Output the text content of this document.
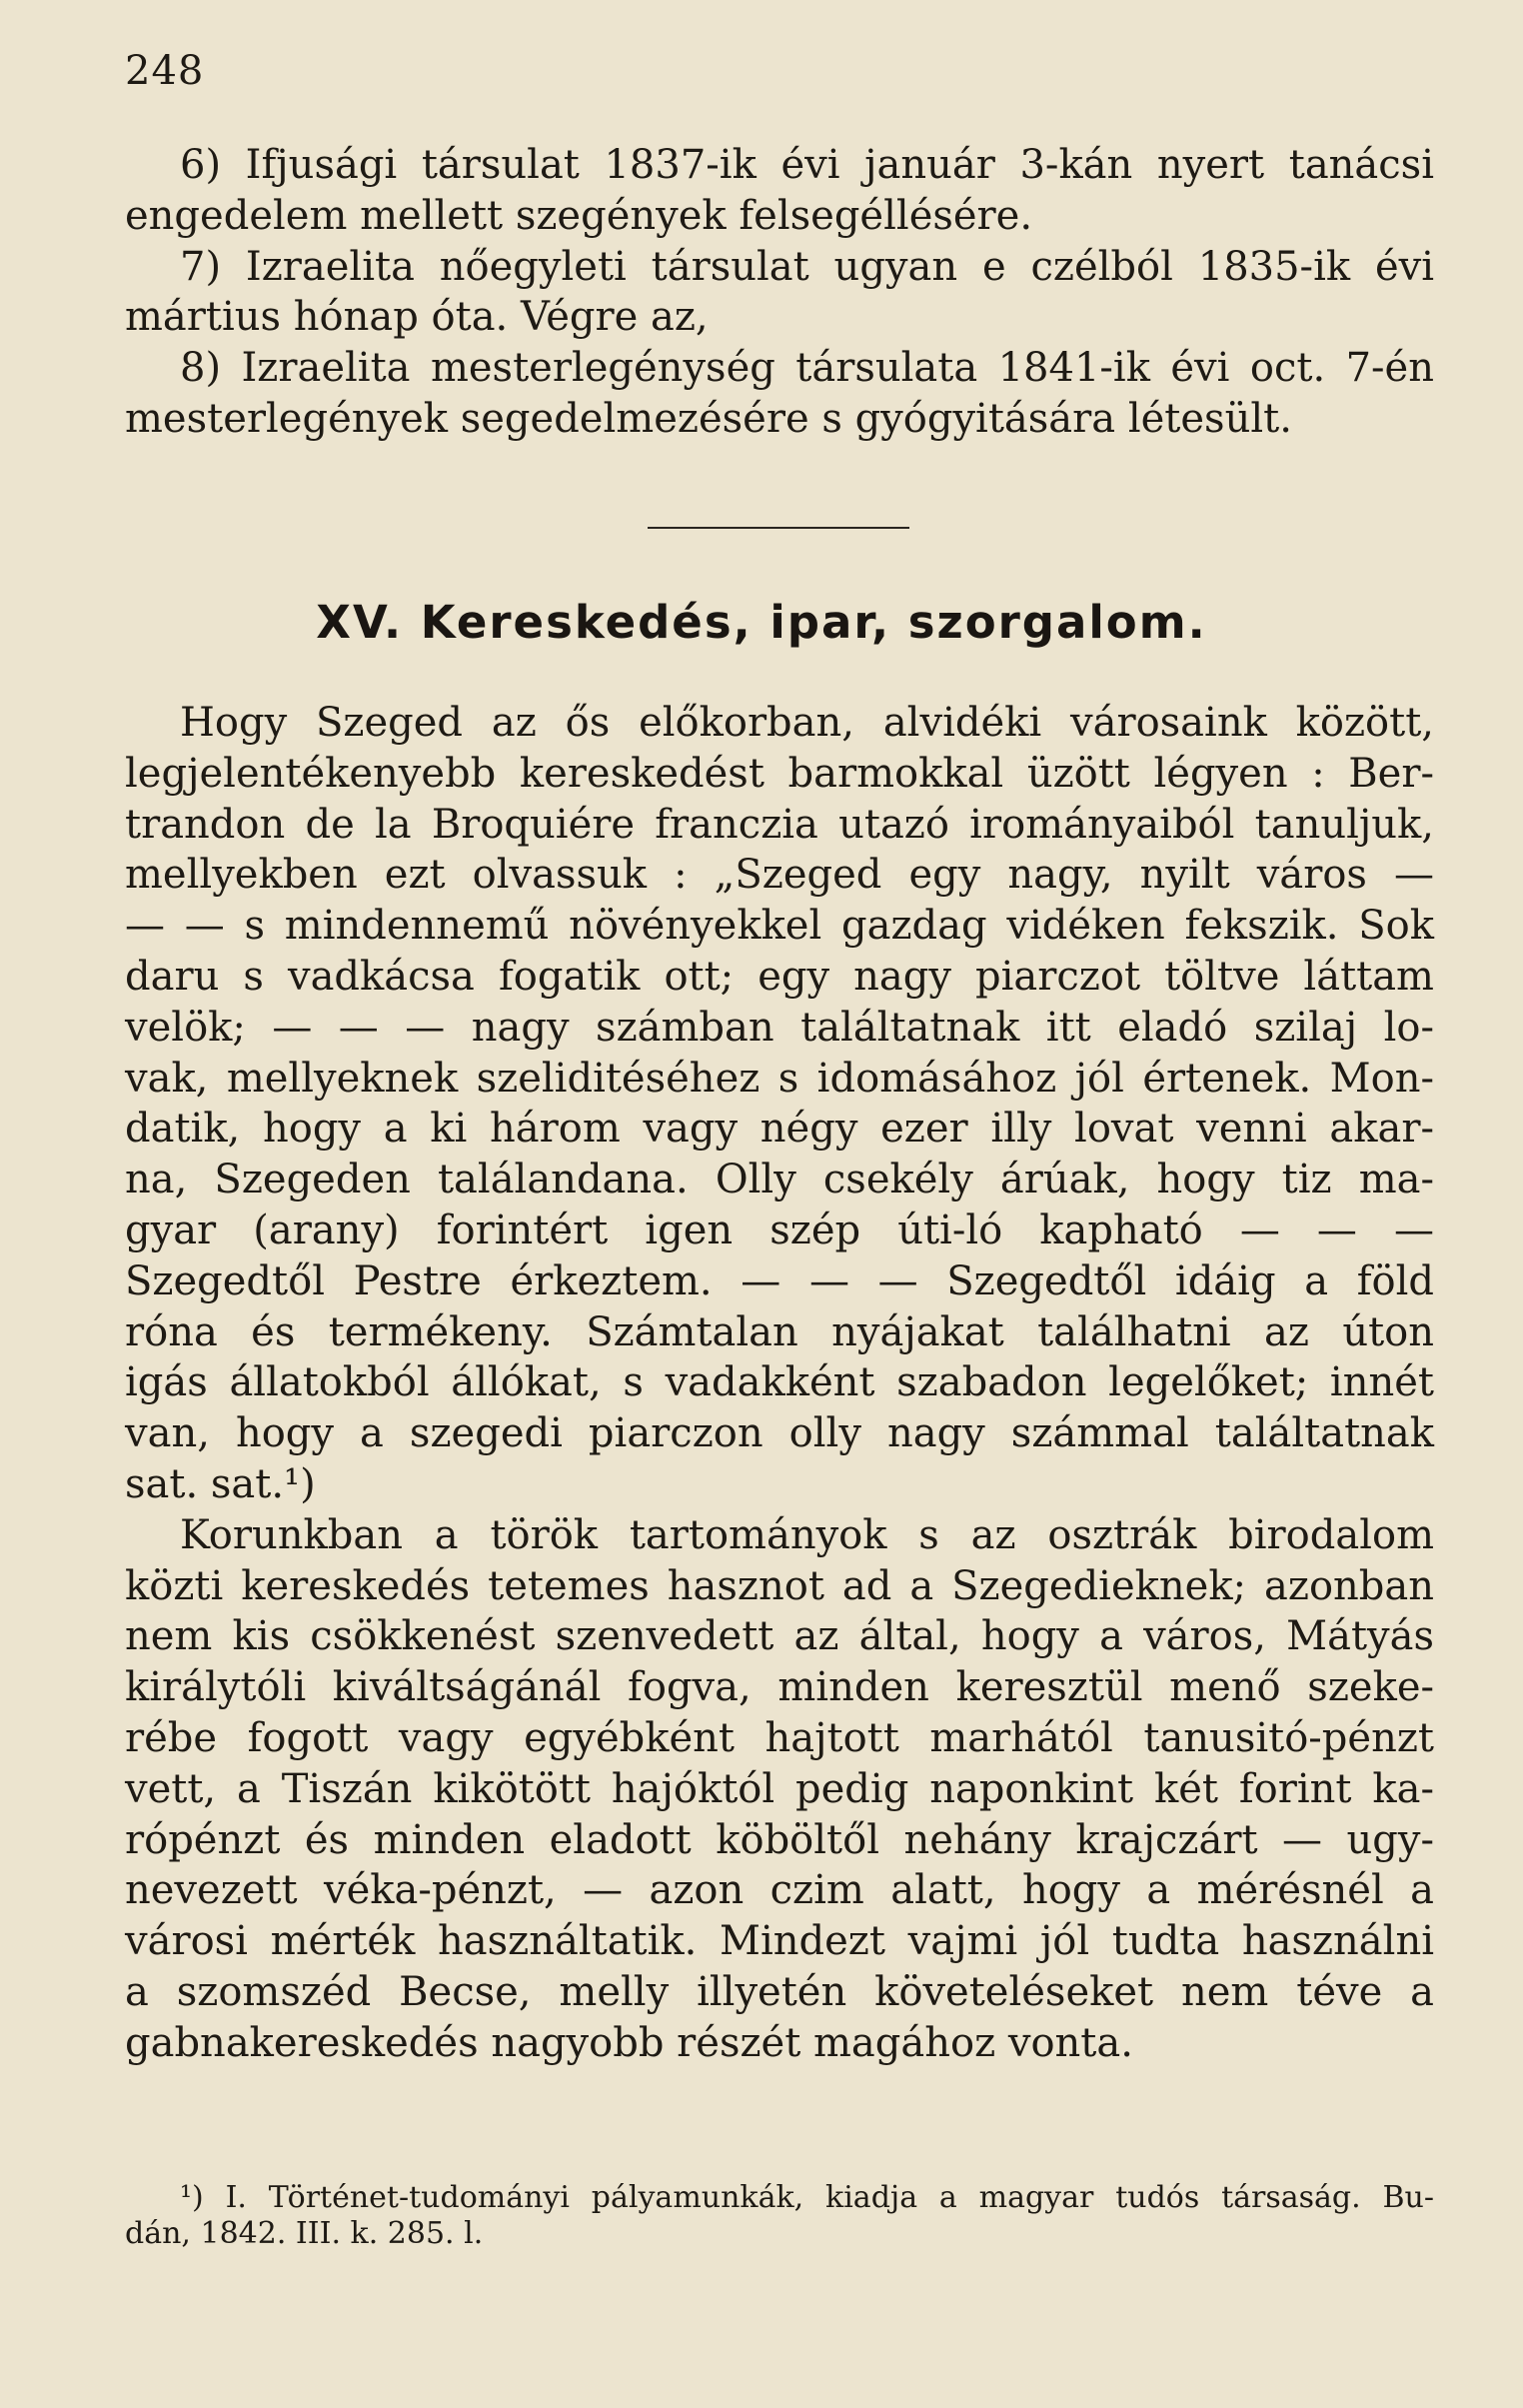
248

6) Ifjusági társulat 1837-ik évi január 3-kán nyert tanácsi
engedelem mellett szegények felsegéllésére.
7) Izraelita nőegyleti társulat ugyan e czélból 1835-ik évi
mártius hónap óta. Végre az,
8) Izraelita mesterlegénység társulata 1841-ik évi oct. 7-én
mesterlegények segedelmezésére s gyógyitására létesült.
XV. Kereskedés, ipar, szorgalom.
Hogy Szeged az ős előkorban, alvidéki városaink között,
legjelentékenyebb kereskedést barmokkal üzött légyen : Ber-
trandon de la Broquiére franczia utazó irományaiból tanuljuk,
mellyekben ezt olvassuk : „Szeged egy nagy, nyilt város —
— — s mindennemű növényekkel gazdag vidéken fekszik. Sok
daru s vadkácsa fogatik ott; egy nagy piarczot töltve láttam
velök; — — — nagy számban találtatnak itt eladó szilaj lo-
vak, mellyeknek szeliditéséhez s idomásához jól értenek. Mon-
datik, hogy a ki három vagy négy ezer illy lovat venni akar-
na, Szegeden találandana. Olly csekély árúak, hogy tiz ma-
gyar (arany) forintért igen szép úti-ló kapható — — —
Szegedtől Pestre érkeztem. — — — Szegedtől idáig a föld
róna és termékeny. Számtalan nyájakat találhatni az úton
igás állatokból állókat, s vadakként szabadon legelőket; innét
van, hogy a szegedi piarczon olly nagy számmal találtatnak
sat. sat.¹)
Korunkban a török tartományok s az osztrák birodalom
közti kereskedés tetemes hasznot ad a Szegedieknek; azonban
nem kis csökkenést szenvedett az által, hogy a város, Mátyás
királytóli kiváltságánál fogva, minden keresztül menő szeke-
rébe fogott vagy egyébként hajtott marhától tanusitó-pénzt
vett, a Tiszán kikötött hajóktól pedig naponkint két forint ka-
rópénzt és minden eladott köböltől nehány krajczárt — ugy-
nevezett véka-pénzt, — azon czim alatt, hogy a mérésnél a
városi mérték használtatik. Mindezt vajmi jól tudta használni
a szomszéd Becse, melly illyetén követeléseket nem téve a
gabnakereskedés nagyobb részét magához vonta.
¹) I. Történet-tudományi pályamunkák, kiadja a magyar tudós társaság. Bu-
dán, 1842. III. k. 285. l.
